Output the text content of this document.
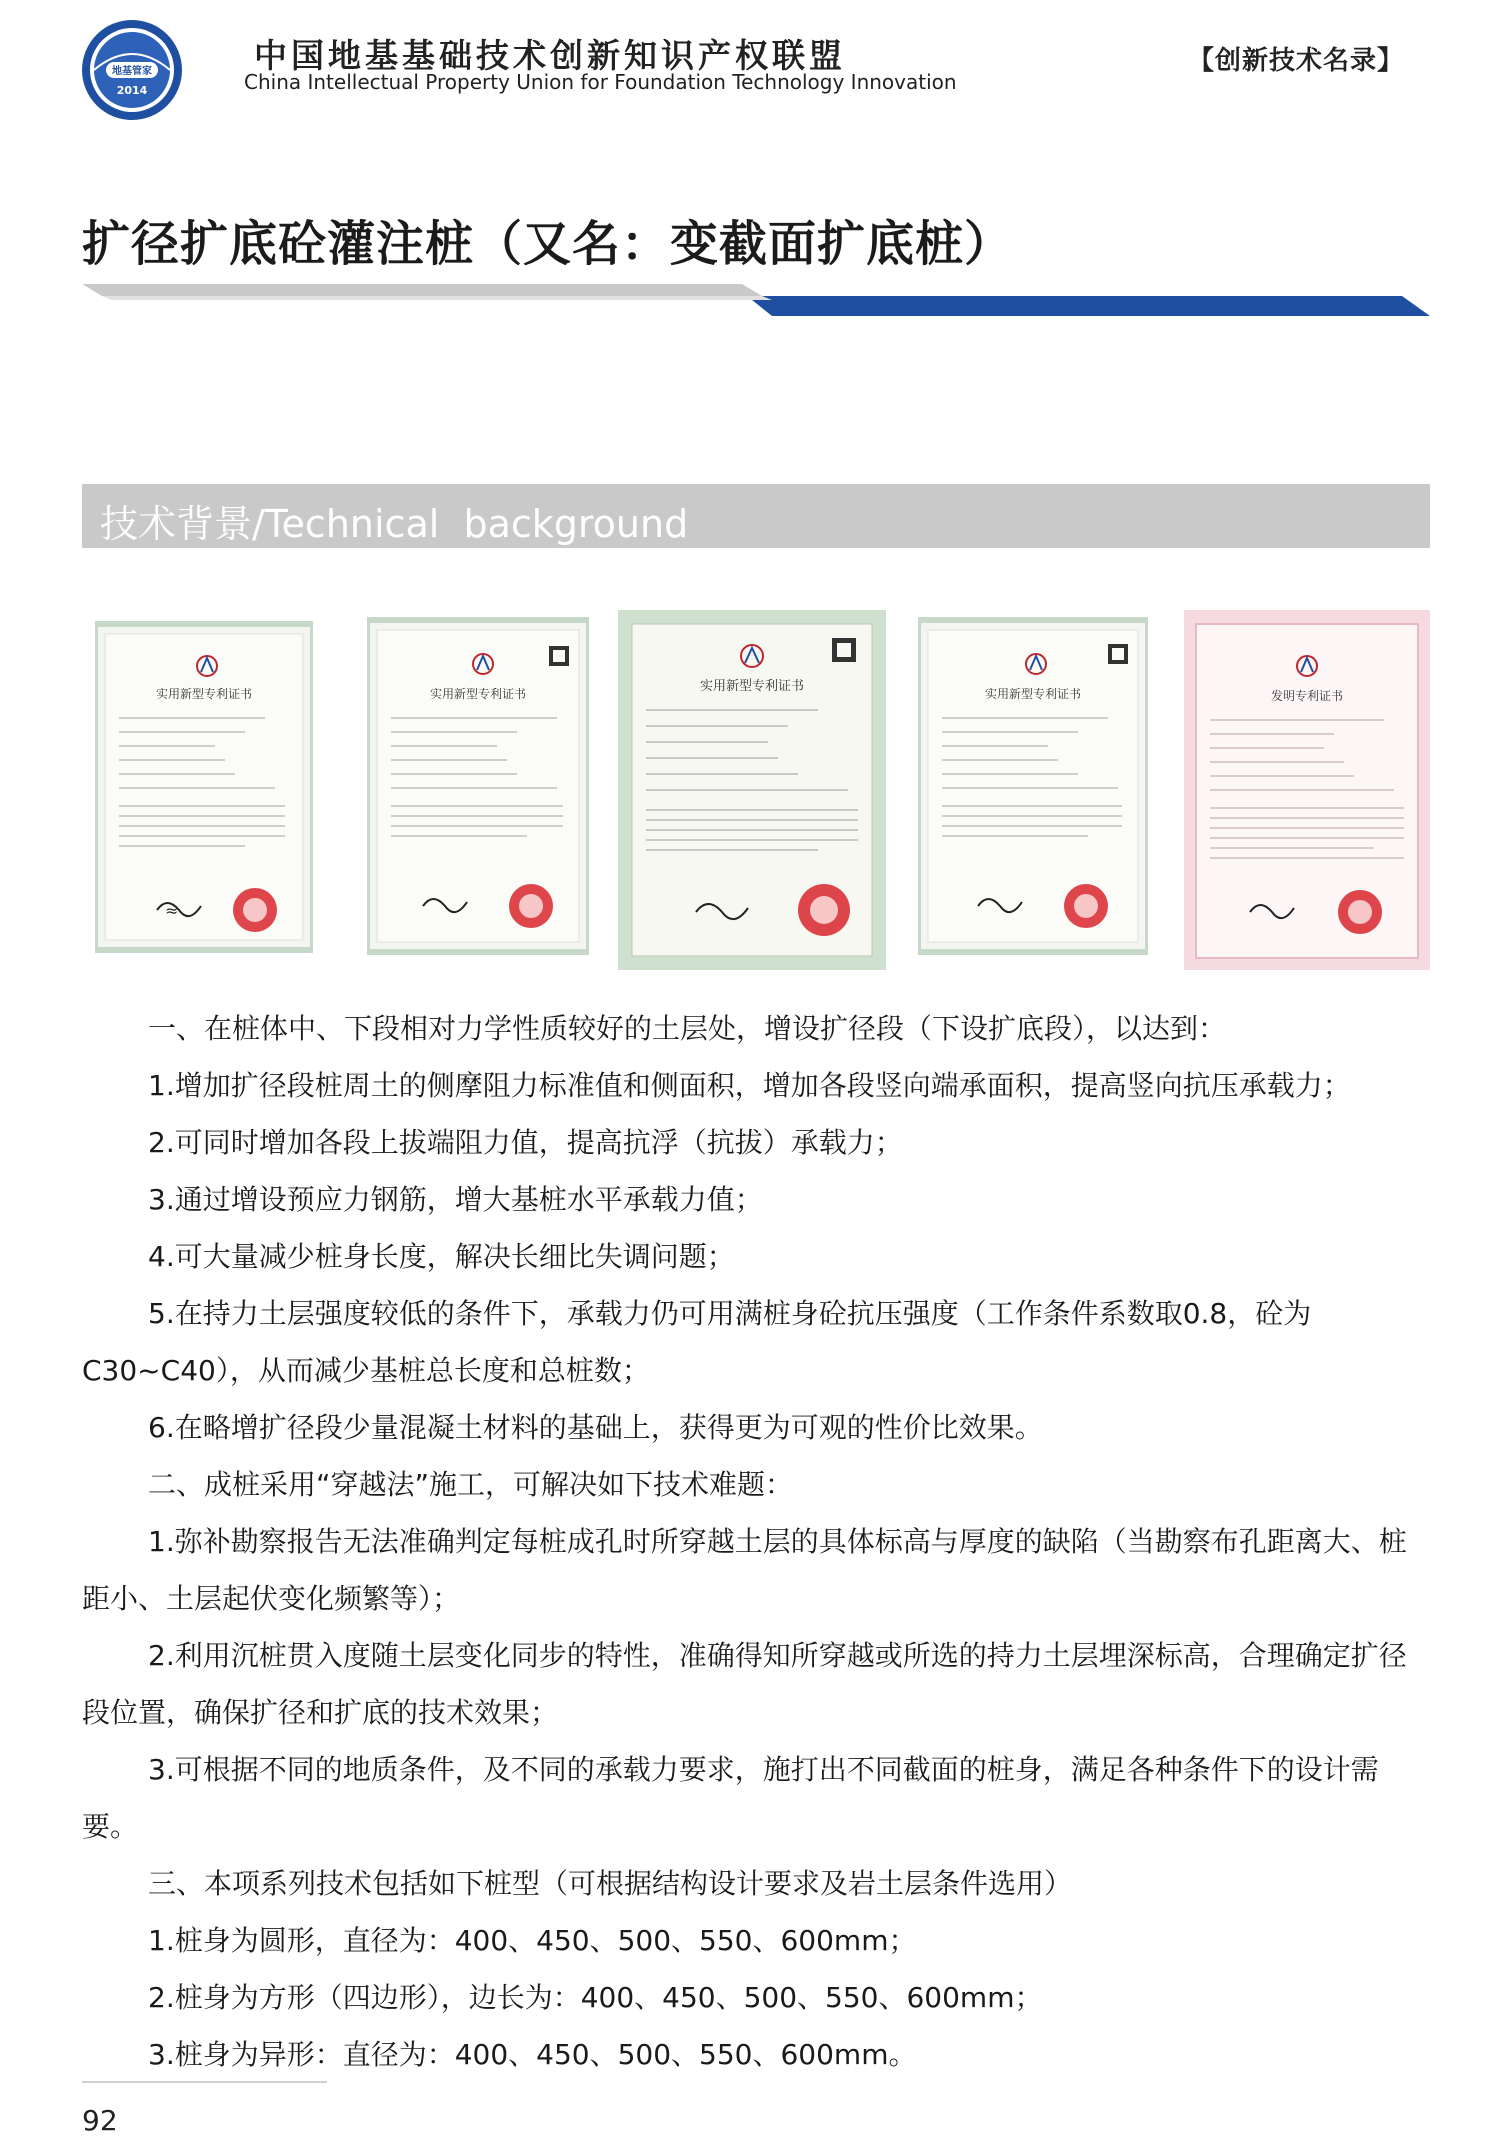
地基管家
2014
中国地基基础技术创新知识产权联盟
China Intellectual Property Union for Foundation Technology Innovation
【创新技术名录】
扩径扩底砼灌注桩（又名：变截面扩底桩）
技术背景/Technical  background
实用新型专利证书
≈
实用新型专利证书	实用新型专利证书	实用新型专利证书	发明专利证书

一、在桩体中、下段相对力学性质较好的土层处，增设扩径段（下设扩底段），以达到：

1.增加扩径段桩周土的侧摩阻力标准值和侧面积，增加各段竖向端承面积，提高竖向抗压承载力；

2.可同时增加各段上拔端阻力值，提高抗浮（抗拔）承载力；

3.通过增设预应力钢筋，增大基桩水平承载力值；

4.可大量减少桩身长度，解决长细比失调问题；

5.在持力土层强度较低的条件下，承载力仍可用满桩身砼抗压强度（工作条件系数取0.8，砼为C30~C40），从而减少基桩总长度和总桩数；

6.在略增扩径段少量混凝土材料的基础上，获得更为可观的性价比效果。

二、成桩采用“穿越法”施工，可解决如下技术难题：

1.弥补勘察报告无法准确判定每桩成孔时所穿越土层的具体标高与厚度的缺陷（当勘察布孔距离大、桩距小、土层起伏变化频繁等）；

2.利用沉桩贯入度随土层变化同步的特性，准确得知所穿越或所选的持力土层埋深标高，合理确定扩径段位置，确保扩径和扩底的技术效果；

3.可根据不同的地质条件，及不同的承载力要求，施打出不同截面的桩身，满足各种条件下的设计需要。

三、本项系列技术包括如下桩型（可根据结构设计要求及岩土层条件选用）

1.桩身为圆形，直径为：400、450、500、550、600mm；

2.桩身为方形（四边形），边长为：400、450、500、550、600mm；

3.桩身为异形：直径为：400、450、500、550、600mm。

92
